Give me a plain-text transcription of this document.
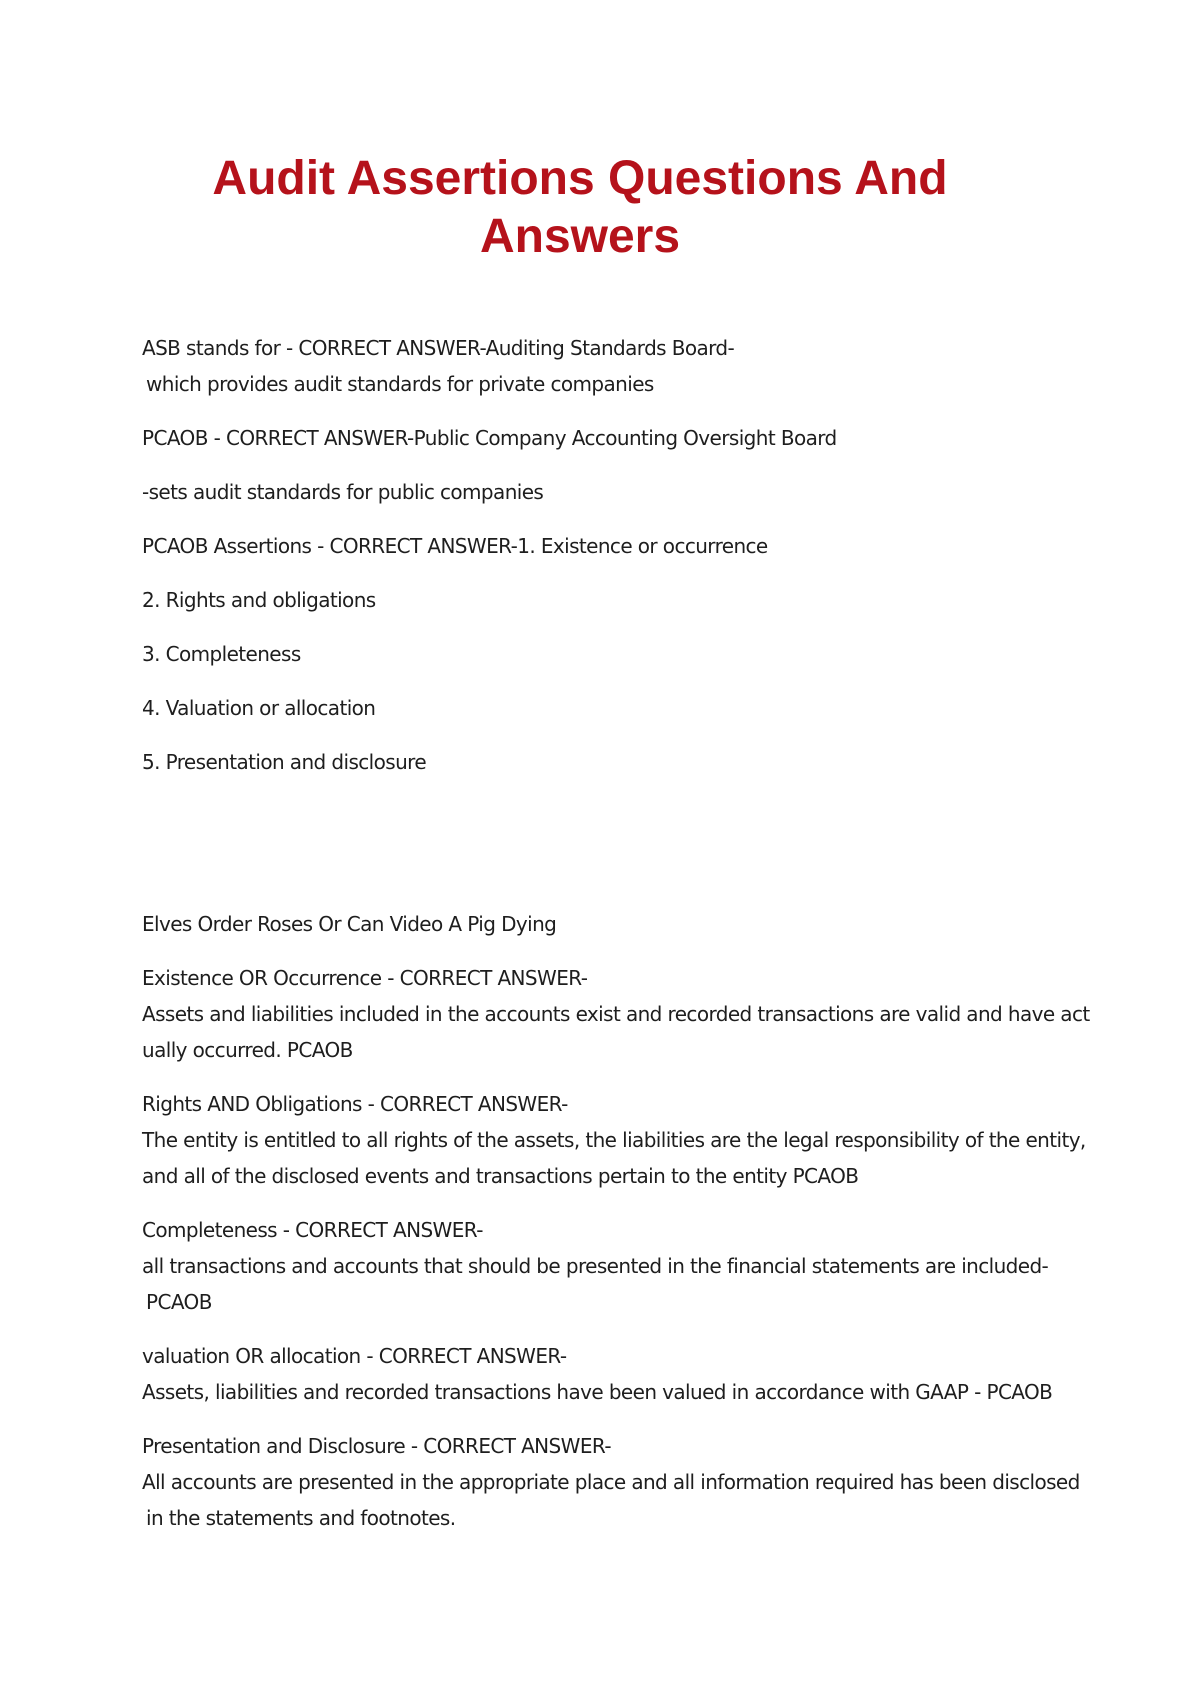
Audit Assertions Questions And
Answers
ASB stands for - CORRECT ANSWER-Auditing Standards Board-
which provides audit standards for private companies
PCAOB - CORRECT ANSWER-Public Company Accounting Oversight Board
-sets audit standards for public companies
PCAOB Assertions - CORRECT ANSWER-1. Existence or occurrence
2. Rights and obligations
3. Completeness
4. Valuation or allocation
5. Presentation and disclosure
Elves Order Roses Or Can Video A Pig Dying
Existence OR Occurrence - CORRECT ANSWER-
Assets and liabilities included in the accounts exist and recorded transactions are valid and have act
ually occurred. PCAOB
Rights AND Obligations - CORRECT ANSWER-
The entity is entitled to all rights of the assets, the liabilities are the legal responsibility of the entity,
and all of the disclosed events and transactions pertain to the entity PCAOB
Completeness - CORRECT ANSWER-
all transactions and accounts that should be presented in the financial statements are included-
PCAOB
valuation OR allocation - CORRECT ANSWER-
Assets, liabilities and recorded transactions have been valued in accordance with GAAP - PCAOB
Presentation and Disclosure - CORRECT ANSWER-
All accounts are presented in the appropriate place and all information required has been disclosed
in the statements and footnotes.
